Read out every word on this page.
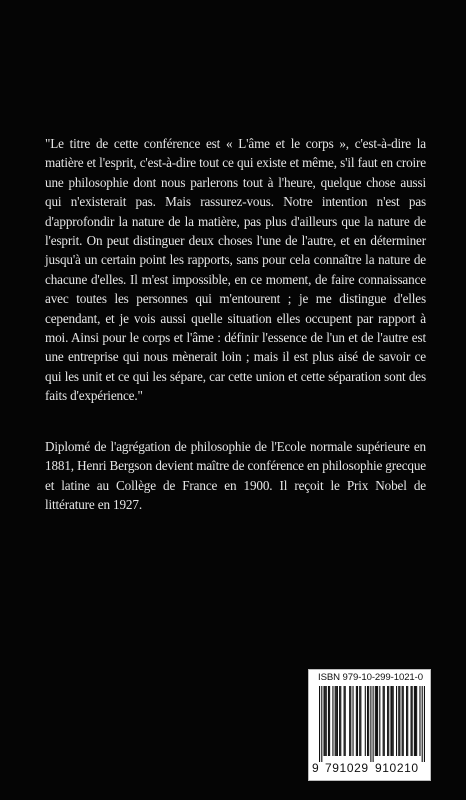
"Le titre de cette conférence est « L'âme et le corps », c'est-à-dire la matière et l'esprit, c'est-à-dire tout ce qui existe et même, s'il faut en croire une philosophie dont nous parlerons tout à l'heure, quelque chose aussi qui n'existerait pas. Mais rassurez-vous. Notre intention n'est pas d'approfondir la nature de la matière, pas plus d'ailleurs que la nature de l'esprit. On peut distinguer deux choses l'une de l'autre, et en déterminer jusqu'à un certain point les rapports, sans pour cela connaître la nature de chacune d'elles. Il m'est impossible, en ce moment, de faire connaissance avec toutes les personnes qui m'entourent ; je me distingue d'elles cependant, et je vois aussi quelle situation elles occupent par rapport à moi. Ainsi pour le corps et l'âme : définir l'essence de l'un et de l'autre est une entreprise qui nous mènerait loin ; mais il est plus aisé de savoir ce qui les unit et ce qui les sépare, car cette union et cette séparation sont des faits d'expérience."

Diplomé de l'agrégation de philosophie de l'Ecole normale supérieure en 1881, Henri Bergson devient maître de conférence en philosophie grecque et latine au Collège de France en 1900. Il reçoit le Prix Nobel de littérature en 1927.

ISBN 979-10-299-1021-0
9 791029 910210
